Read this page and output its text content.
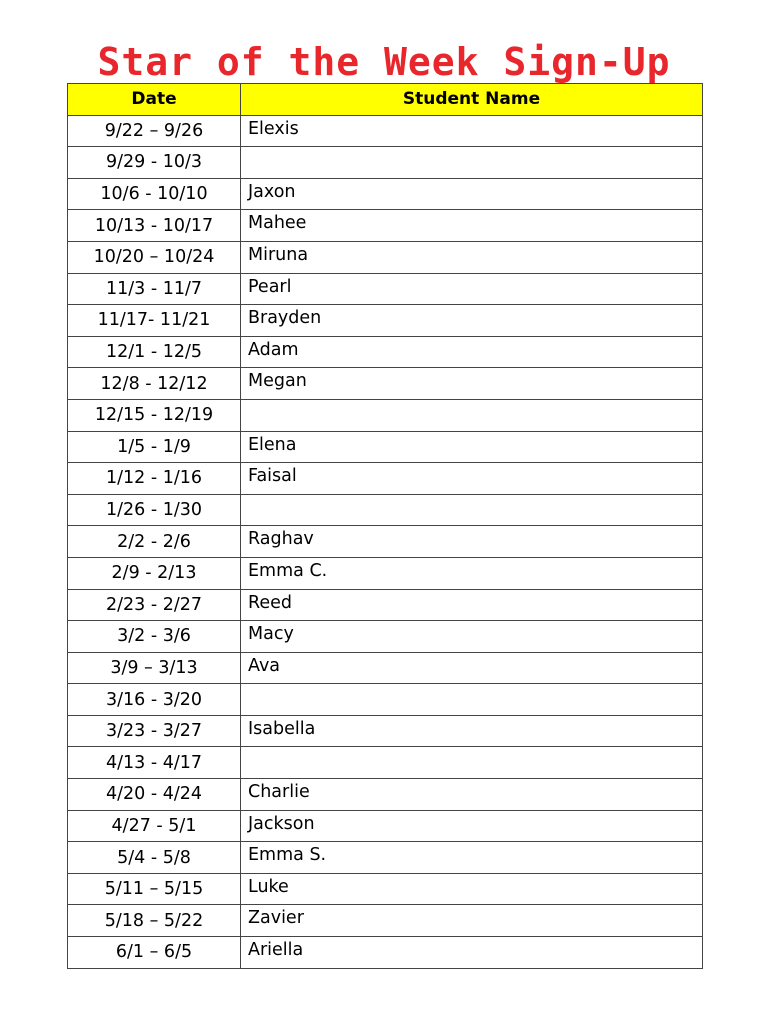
Star of the Week Sign-Up
Date	Student Name
9/22 – 9/26	Elexis
9/29 - 10/3	
10/6 - 10/10	Jaxon
10/13 - 10/17	Mahee
10/20 – 10/24	Miruna
11/3 - 11/7	Pearl
11/17- 11/21	Brayden
12/1 - 12/5	Adam
12/8 - 12/12	Megan
12/15 - 12/19	
1/5 - 1/9	Elena
1/12 - 1/16	Faisal
1/26 - 1/30	
2/2 - 2/6	Raghav
2/9 - 2/13	Emma C.
2/23 - 2/27	Reed
3/2 - 3/6	Macy
3/9 – 3/13	Ava
3/16 - 3/20	
3/23 - 3/27	Isabella
4/13 - 4/17	
4/20 - 4/24	Charlie
4/27 - 5/1	Jackson
5/4 - 5/8	Emma S.
5/11 – 5/15	Luke
5/18 – 5/22	Zavier
6/1 – 6/5	Ariella
